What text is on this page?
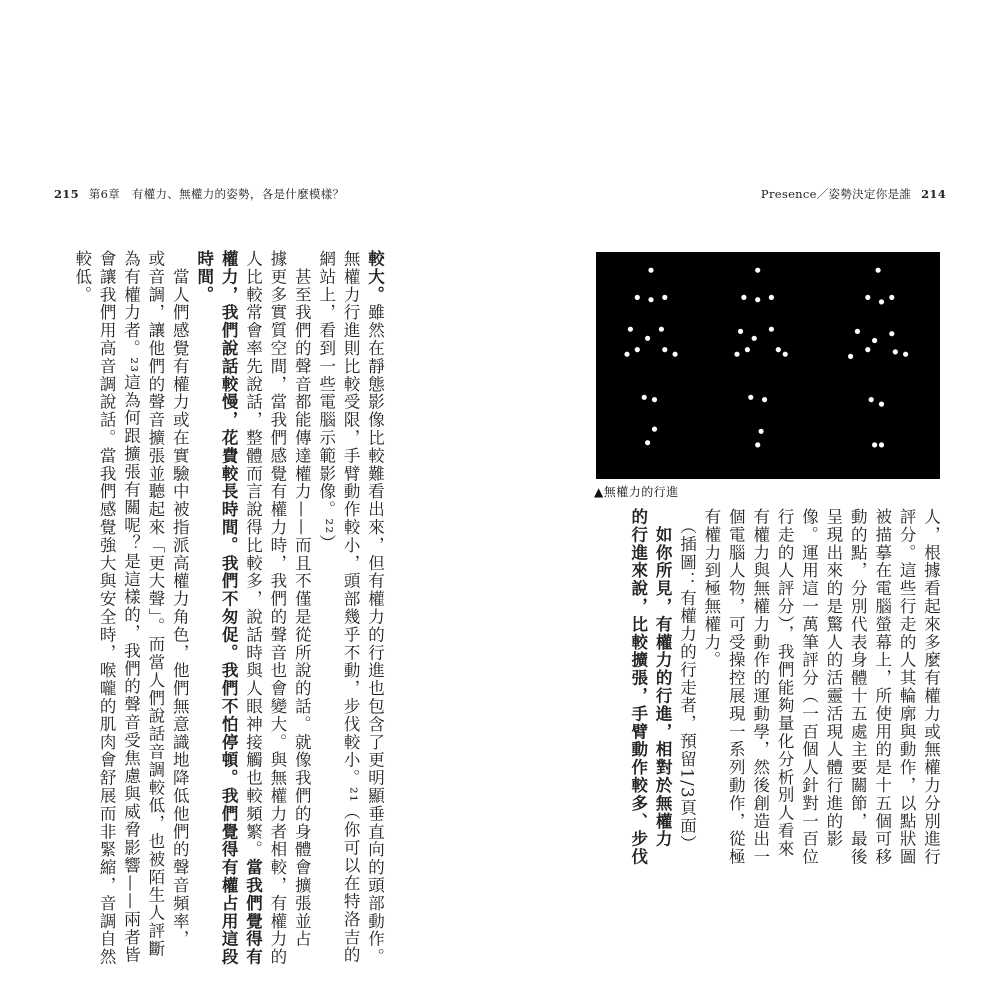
215 第6章　有權力、無權力的姿勢，各是什麼模樣？	Presence／姿勢決定你是誰 214
較大。雖然在靜態影像比較難看出來，但有權力的行進也包含了更明顯垂直向的頭部動作。
無權力行進則比較受限，手臂動作較小，頭部幾乎不動，步伐較小。²¹（你可以在特洛吉的
網站上，看到一些電腦示範影像。²²）
　甚至我們的聲音都能傳達權力——而且不僅是從所說的話。就像我們的身體會擴張並占
據更多實質空間，當我們感覺有權力時，我們的聲音也會變大。與無權力者相較，有權力的
人比較常會率先說話，整體而言說得比較多，說話時與人眼神接觸也較頻繁。當我們覺得有
權力，我們說話較慢，花費較長時間。我們不匆促。我們不怕停頓。我們覺得有權占用這段
時間。
　當人們感覺有權力或在實驗中被指派高權力角色，他們無意識地降低他們的聲音頻率，
或音調，讓他們的聲音擴張並聽起來「更大聲」。而當人們說話音調較低，也被陌生人評斷
為有權力者。²³這為何跟擴張有關呢？是這樣的，我們的聲音受焦慮與威脅影響——兩者皆
會讓我們用高音調說話。當我們感覺強大與安全時，喉嚨的肌肉會舒展而非緊縮，音調自然
較低。
▲無權力的行進
人，根據看起來多麼有權力或無權力分別進行
評分。這些行走的人其輪廓與動作，以點狀圖
被描摹在電腦螢幕上，所使用的是十五個可移
動的點，分別代表身體十五處主要關節，最後
呈現出來的是驚人的活靈活現人體行進的影
像。運用這一萬筆評分（一百個人針對一百位
行走的人評分），我們能夠量化分析別人看來
有權力與無權力動作的運動學，然後創造出一
個電腦人物，可受操控展現一系列動作，從極
有權力到極無權力。
　（插圖：有權力的行走者，預留1/3頁面）
　如你所見，有權力的行進，相對於無權力
的行進來說，比較擴張，手臂動作較多、步伐
